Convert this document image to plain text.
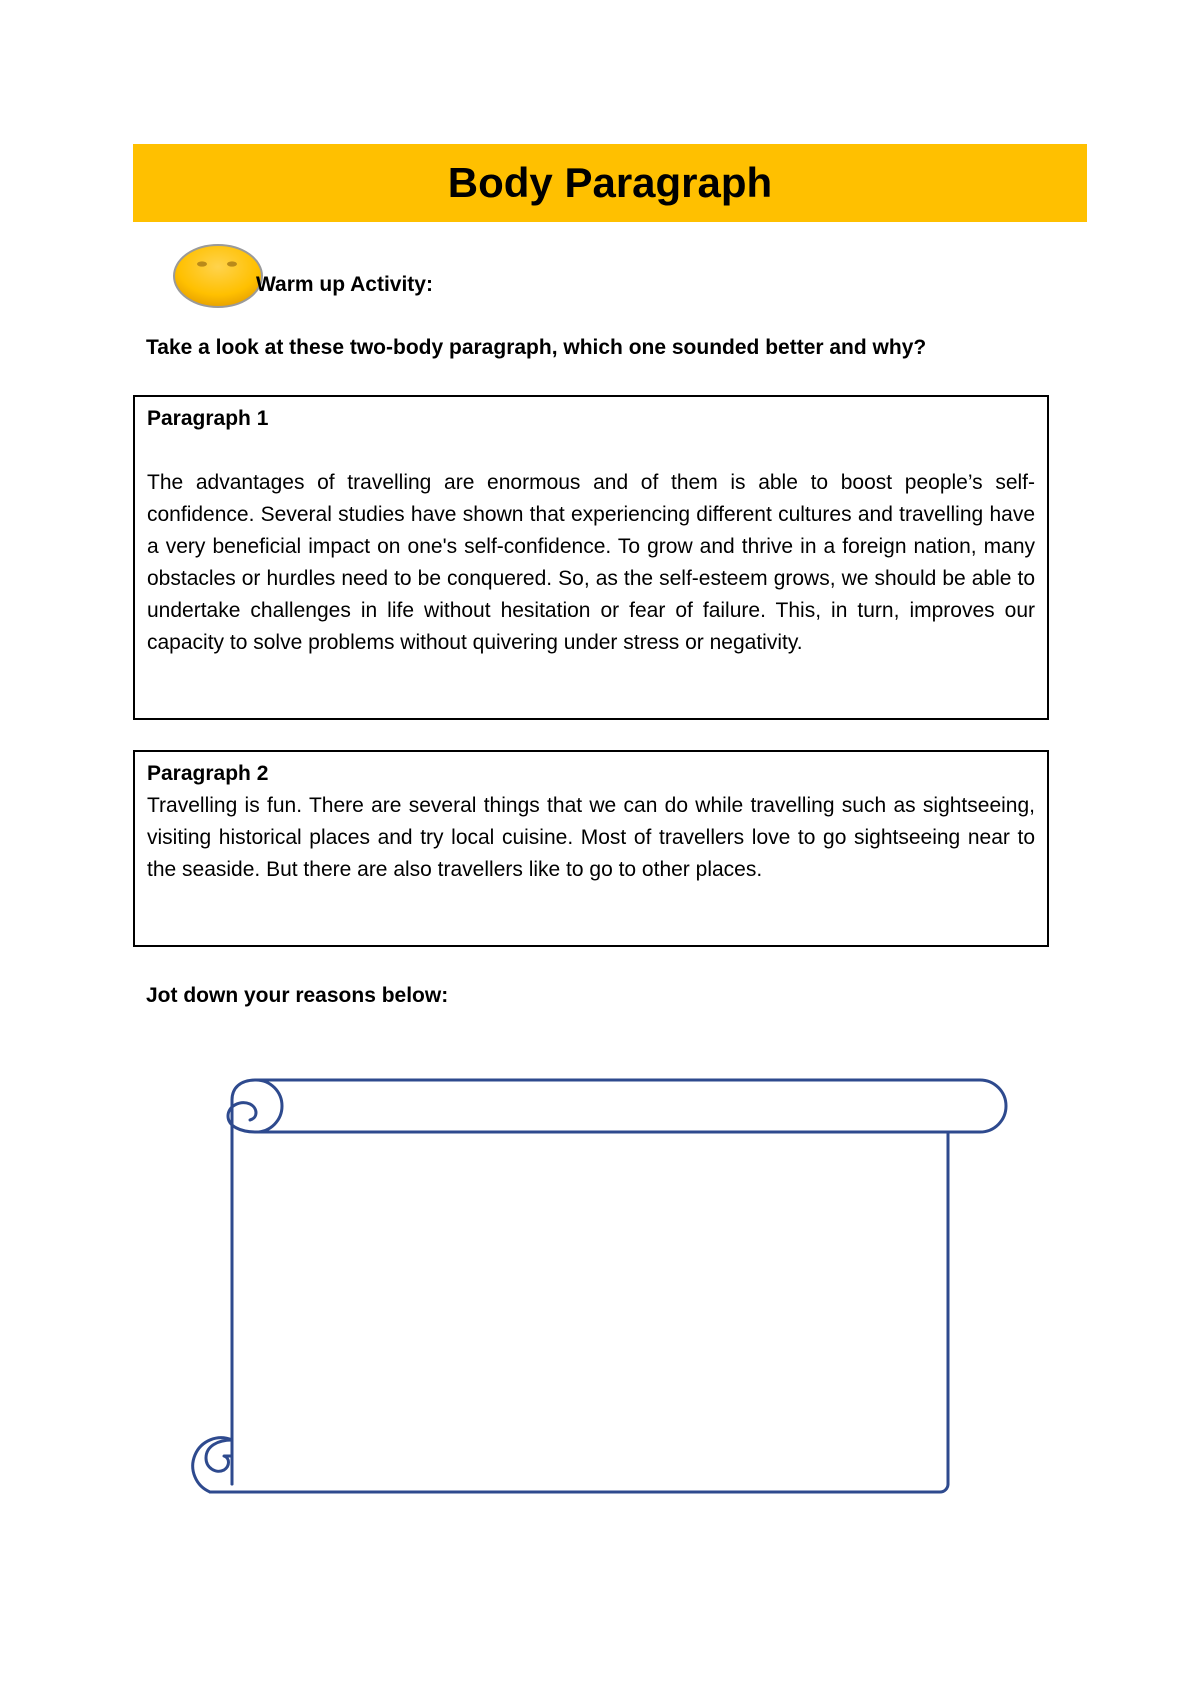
Body Paragraph
Warm up Activity:
Take a look at these two-body paragraph, which one sounded better and why?
Paragraph 1

The advantages of travelling are enormous and of them is able to boost people’s self-confidence. Several studies have shown that experiencing different cultures and travelling have a very beneficial impact on one's self-confidence. To grow and thrive in a foreign nation, many obstacles or hurdles need to be conquered. So, as the self-esteem grows, we should be able to undertake challenges in life without hesitation or fear of failure. This, in turn, improves our capacity to solve problems without quivering under stress or negativity.

Paragraph 2

Travelling is fun. There are several things that we can do while travelling such as sightseeing, visiting historical places and try local cuisine. Most of travellers love to go sightseeing near to the seaside. But there are also travellers like to go to other places.

Jot down your reasons below:
